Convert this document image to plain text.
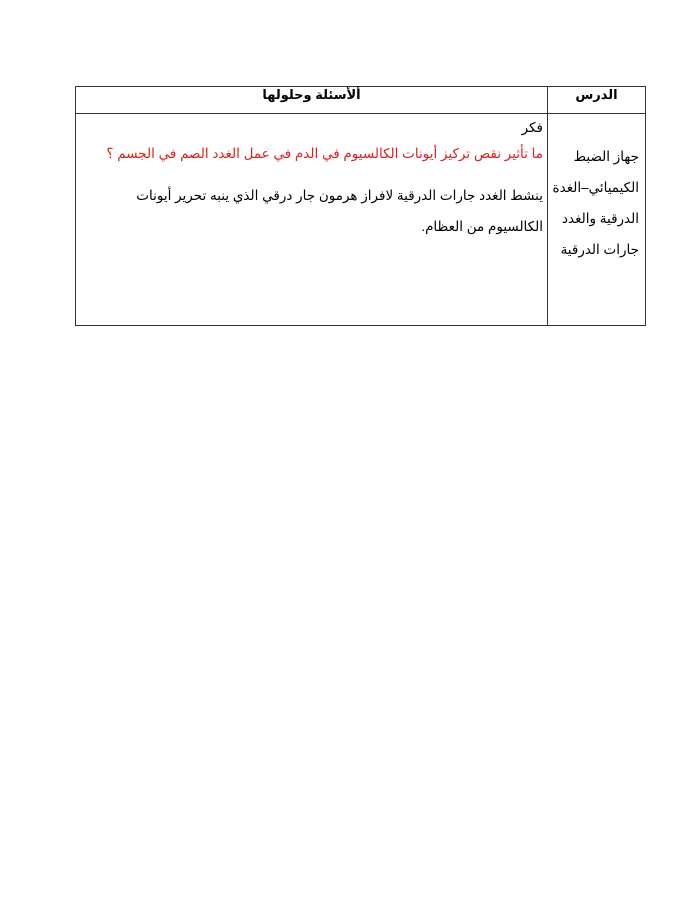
الدرس	ألأسئلة وحلولها
جهاز الضبط الكيميائي–الغدة الدرقية والغدد جارات الدرقية	فكر
ما تأثير نقص تركيز أيونات الكالسيوم في الدم في عمل الغدد الصم في الجسم ؟
ينشط الغدد جارات الدرقية لافراز هرمون جار درقي الذي ينبه تحرير أيونات الكالسيوم من العظام.
